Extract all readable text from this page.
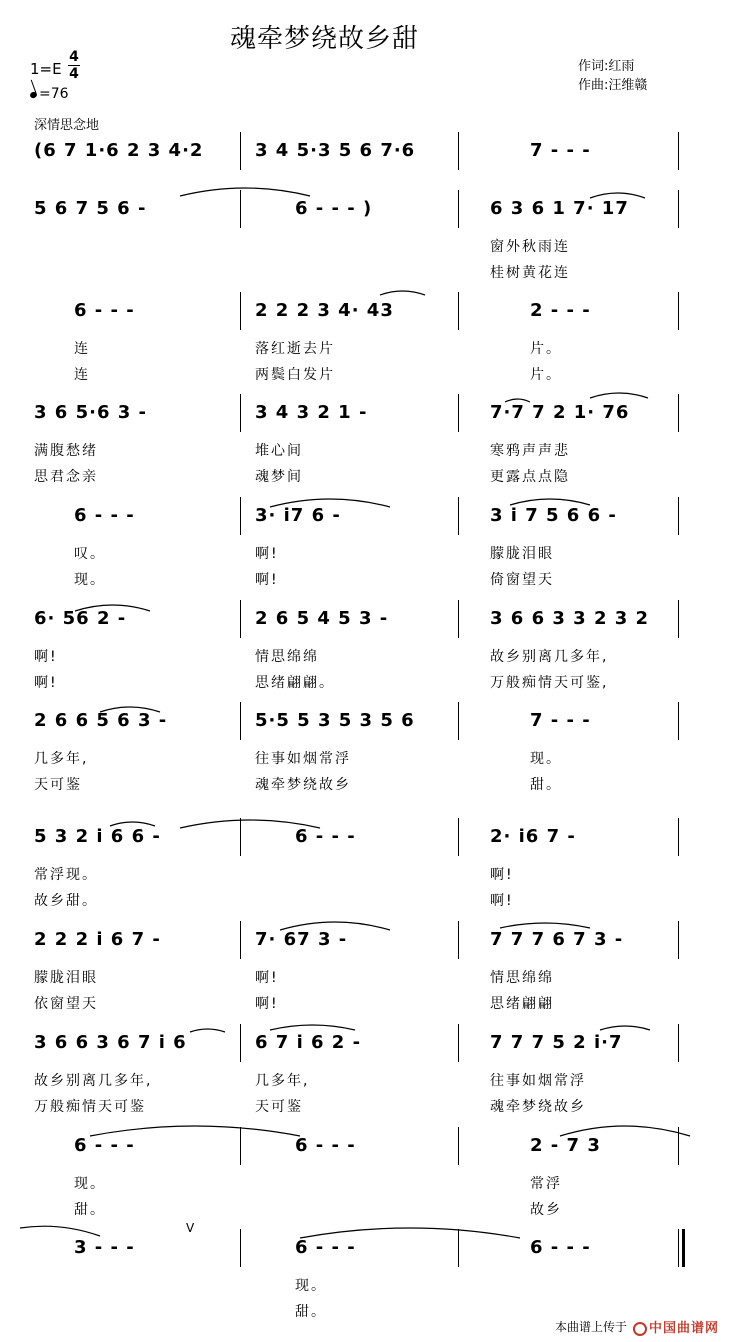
魂牵梦绕故乡甜
1=E
4
4
=76
深情思念地
作词:红雨
作曲:汪维赣
(6 7 1·6 2 3 4·2	3 4 5·3 5 6 7·6	7 - - -
5 6 7 5 6 -	6 - - - )	6 3 6 1 7· 17
窗外秋雨连
桂树黄花连
6 - - -
连
连
2 2 2 3 4· 43
落红逝去片
两鬓白发片
2 - - -
片。
片。
3 6 5·6 3 -
满腹愁绪
思君念亲
3 4 3 2 1 -
堆心间
魂梦间
7·7 7 2 1· 76
寒鸦声声悲
更露点点隐
6 - - -
叹。
现。
3· i7 6 -
啊!
啊!
3 i 7 5 6 6 -
朦胧泪眼
倚窗望天
6· 56 2 -
啊!
啊!
2 6 5 4 5 3 -
情思绵绵
思绪翩翩。
3 6 6 3 3 2 3 2
故乡别离几多年,
万般痴情天可鉴,
2 6 6 5 6 3 -
几多年,
天可鉴
5·5 5 3 5 3 5 6
往事如烟常浮
魂牵梦绕故乡
7 - - -
现。
甜。
5 3 2 i 6 6 -
常浮现。
故乡甜。
6 - - -	2· i6 7 -
啊!
啊!
2 2 2 i 6 7 -
朦胧泪眼
依窗望天
7· 67 3 -
啊!
啊!
7 7 7 6 7 3 -
情思绵绵
思绪翩翩
3 6 6 3 6 7 i 6
故乡别离几多年,
万般痴情天可鉴
6 7 i 6 2 -
几多年,
天可鉴
7 7 7 5 2 i·7
往事如烟常浮
魂牵梦绕故乡
6 - - -
现。
甜。
6 - - -	2 - 7 3
常浮
故乡
3 - - -	6 - - -
现。
甜。
6 - - -
V
本曲谱上传于	中国曲谱网
